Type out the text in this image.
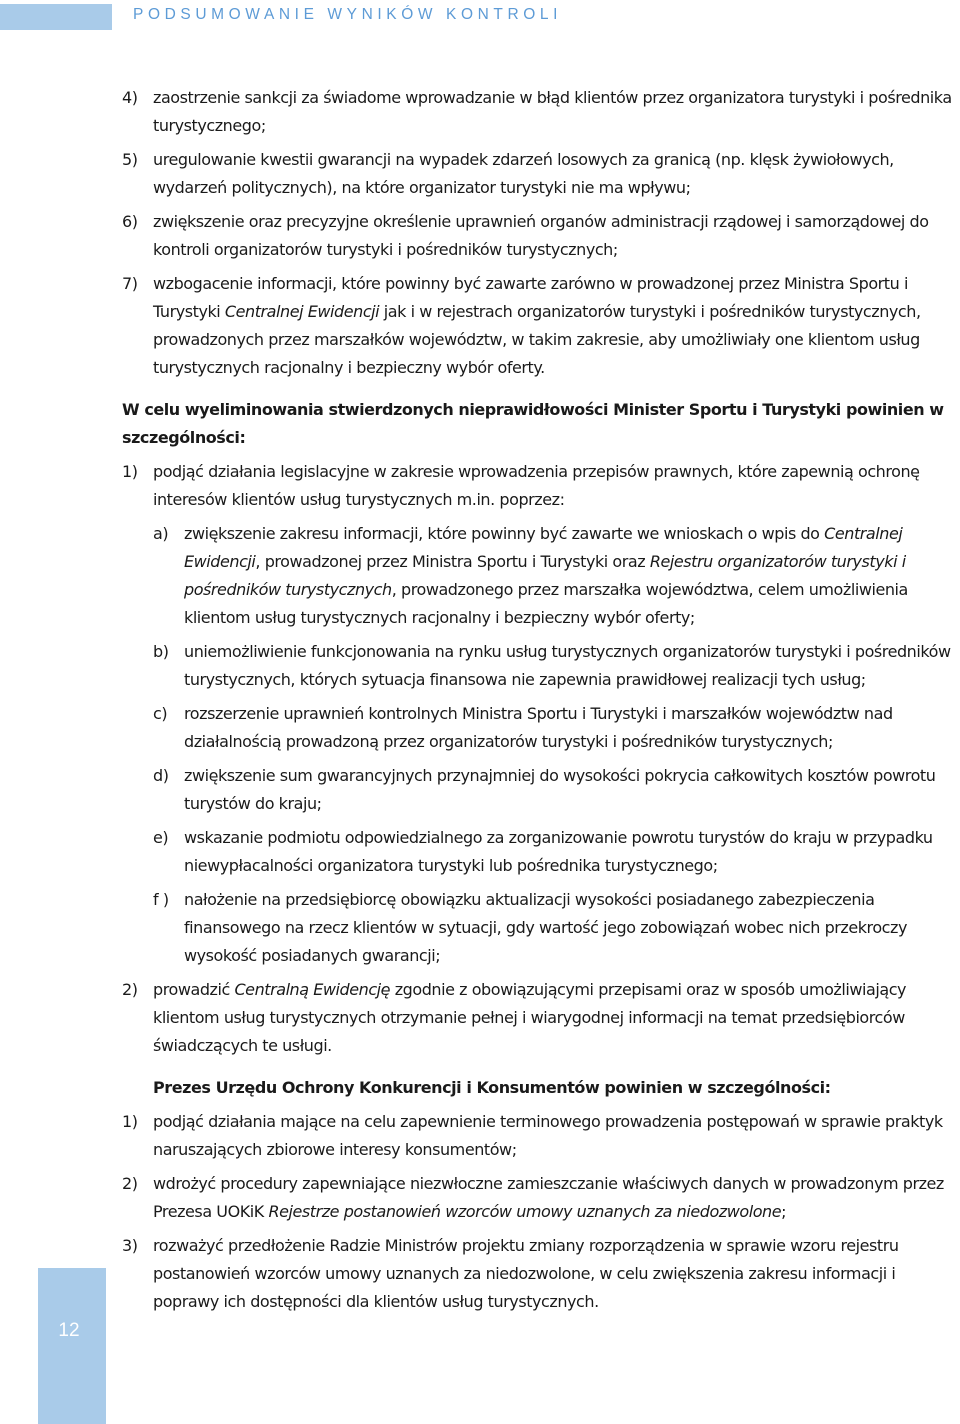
PODSUMOWANIE WYNIKÓW KONTROLI
4) zaostrzenie sankcji za świadome wprowadzanie w błąd klientów przez organizatora turystyki i pośrednika turystycznego;
5) uregulowanie kwestii gwarancji na wypadek zdarzeń losowych za granicą (np. klęsk żywiołowych, wydarzeń politycznych), na które organizator turystyki nie ma wpływu;
6) zwiększenie oraz precyzyjne określenie uprawnień organów administracji rządowej i samorządowej do kontroli organizatorów turystyki i pośredników turystycznych;
7) wzbogacenie informacji, które powinny być zawarte zarówno w prowadzonej przez Ministra Sportu i Turystyki Centralnej Ewidencji jak i w rejestrach organizatorów turystyki i pośredników turystycznych, prowadzonych przez marszałków województw, w takim zakresie, aby umożliwiały one klientom usług turystycznych racjonalny i bezpieczny wybór oferty.
W celu wyeliminowania stwierdzonych nieprawidłowości Minister Sportu i Turystyki powinien w szczególności:
1) podjąć działania legislacyjne w zakresie wprowadzenia przepisów prawnych, które zapewnią ochronę interesów klientów usług turystycznych m.in. poprzez:
a) zwiększenie zakresu informacji, które powinny być zawarte we wnioskach o wpis do Centralnej Ewidencji, prowadzonej przez Ministra Sportu i Turystyki oraz Rejestru organizatorów turystyki i pośredników turystycznych, prowadzonego przez marszałka województwa, celem umożliwienia klientom usług turystycznych racjonalny i bezpieczny wybór oferty;
b) uniemożliwienie funkcjonowania na rynku usług turystycznych organizatorów turystyki i pośredników turystycznych, których sytuacja finansowa nie zapewnia prawidłowej realizacji tych usług;
c) rozszerzenie uprawnień kontrolnych Ministra Sportu i Turystyki i marszałków województw nad działalnością prowadzoną przez organizatorów turystyki i pośredników turystycznych;
d) zwiększenie sum gwarancyjnych przynajmniej do wysokości pokrycia całkowitych kosztów powrotu turystów do kraju;
e) wskazanie podmiotu odpowiedzialnego za zorganizowanie powrotu turystów do kraju w przypadku niewypłacalności organizatora turystyki lub pośrednika turystycznego;
f ) nałożenie na przedsiębiorcę obowiązku aktualizacji wysokości posiadanego zabezpieczenia finansowego na rzecz klientów w sytuacji, gdy wartość jego zobowiązań wobec nich przekroczy wysokość posiadanych gwarancji;
2) prowadzić Centralną Ewidencję zgodnie z obowiązującymi przepisami oraz w sposób umożliwiający klientom usług turystycznych otrzymanie pełnej i wiarygodnej informacji na temat przedsiębiorców świadczących te usługi.
Prezes Urzędu Ochrony Konkurencji i Konsumentów powinien w szczególności:
1) podjąć działania mające na celu zapewnienie terminowego prowadzenia postępowań w sprawie praktyk naruszających zbiorowe interesy konsumentów;
2) wdrożyć procedury zapewniające niezwłoczne zamieszczanie właściwych danych w prowadzonym przez Prezesa UOKiK Rejestrze postanowień wzorców umowy uznanych za niedozwolone;
3) rozważyć przedłożenie Radzie Ministrów projektu zmiany rozporządzenia w sprawie wzoru rejestru postanowień wzorców umowy uznanych za niedozwolone, w celu zwiększenia zakresu informacji i poprawy ich dostępności dla klientów usług turystycznych.
12
